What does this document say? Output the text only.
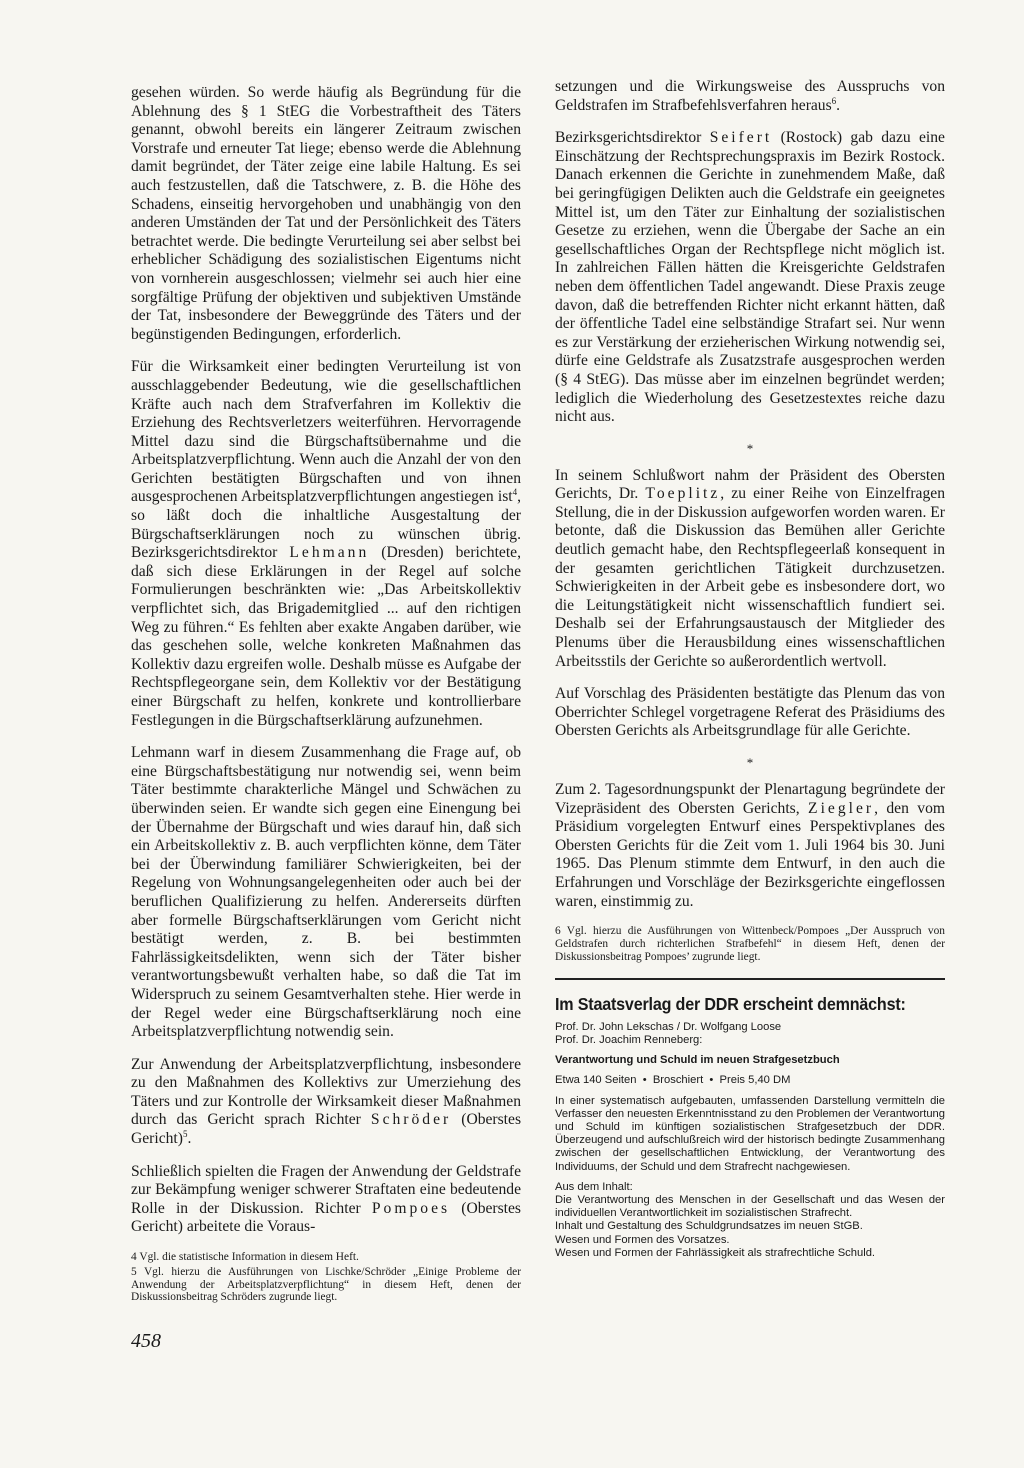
gesehen würden. So werde häufig als Begründung für die Ablehnung des § 1 StEG die Vorbestraftheit des Täters genannt, obwohl bereits ein längerer Zeitraum zwischen Vorstrafe und erneuter Tat liege; ebenso werde die Ablehnung damit begründet, der Täter zeige eine labile Haltung. Es sei auch festzustellen, daß die Tatschwere, z. B. die Höhe des Schadens, einseitig hervorgehoben und unabhängig von den anderen Umständen der Tat und der Persönlichkeit des Täters betrachtet werde. Die bedingte Verurteilung sei aber selbst bei erheblicher Schädigung des sozialistischen Eigentums nicht von vornherein ausgeschlossen; vielmehr sei auch hier eine sorgfältige Prüfung der objektiven und subjektiven Umstände der Tat, insbesondere der Beweggründe des Täters und der begünstigenden Bedingungen, erforderlich.

Für die Wirksamkeit einer bedingten Verurteilung ist von ausschlaggebender Bedeutung, wie die gesellschaftlichen Kräfte auch nach dem Strafverfahren im Kollektiv die Erziehung des Rechtsverletzers weiterführen. Hervorragende Mittel dazu sind die Bürgschaftsübernahme und die Arbeitsplatzverpflichtung. Wenn auch die Anzahl der von den Gerichten bestätigten Bürgschaften und von ihnen ausgesprochenen Arbeitsplatzverpflichtungen angestiegen ist$^4$, so läßt doch die inhaltliche Ausgestaltung der Bürgschaftserklärungen noch zu wünschen übrig. Bezirksgerichtsdirektor Lehmann (Dresden) berichtete, daß sich diese Erklärungen in der Regel auf solche Formulierungen beschränkten wie: „Das Arbeitskollektiv verpflichtet sich, das Brigademitglied ... auf den richtigen Weg zu führen.“ Es fehlten aber exakte Angaben darüber, wie das geschehen solle, welche konkreten Maßnahmen das Kollektiv dazu ergreifen wolle. Deshalb müsse es Aufgabe der Rechtspflegeorgane sein, dem Kollektiv vor der Bestätigung einer Bürgschaft zu helfen, konkrete und kontrollierbare Festlegungen in die Bürgschaftserklärung aufzunehmen.

Lehmann warf in diesem Zusammenhang die Frage auf, ob eine Bürgschaftsbestätigung nur notwendig sei, wenn beim Täter bestimmte charakterliche Mängel und Schwächen zu überwinden seien. Er wandte sich gegen eine Einengung bei der Übernahme der Bürgschaft und wies darauf hin, daß sich ein Arbeitskollektiv z. B. auch verpflichten könne, dem Täter bei der Überwindung familiärer Schwierigkeiten, bei der Regelung von Wohnungsangelegenheiten oder auch bei der beruflichen Qualifizierung zu helfen. Andererseits dürften aber formelle Bürgschaftserklärungen vom Gericht nicht bestätigt werden, z. B. bei bestimmten Fahrlässigkeitsdelikten, wenn sich der Täter bisher verantwortungsbewußt verhalten habe, so daß die Tat im Widerspruch zu seinem Gesamtverhalten stehe. Hier werde in der Regel weder eine Bürgschaftserklärung noch eine Arbeitsplatzverpflichtung notwendig sein.

Zur Anwendung der Arbeitsplatzverpflichtung, insbesondere zu den Maßnahmen des Kollektivs zur Umerziehung des Täters und zur Kontrolle der Wirksamkeit dieser Maßnahmen durch das Gericht sprach Richter Schröder (Oberstes Gericht)$^5$.

Schließlich spielten die Fragen der Anwendung der Geldstrafe zur Bekämpfung weniger schwerer Straftaten eine bedeutende Rolle in der Diskussion. Richter Pompoes (Oberstes Gericht) arbeitete die Voraus-

4 Vgl. die statistische Information in diesem Heft.

5 Vgl. hierzu die Ausführungen von Lischke/Schröder „Einige Probleme der Anwendung der Arbeitsplatzverpflichtung“ in diesem Heft, denen der Diskussionsbeitrag Schröders zugrunde liegt.

458

setzungen und die Wirkungsweise des Ausspruchs von Geldstrafen im Strafbefehlsverfahren heraus$^6$.

Bezirksgerichtsdirektor Seifert (Rostock) gab dazu eine Einschätzung der Rechtsprechungspraxis im Bezirk Rostock. Danach erkennen die Gerichte in zunehmendem Maße, daß bei geringfügigen Delikten auch die Geldstrafe ein geeignetes Mittel ist, um den Täter zur Einhaltung der sozialistischen Gesetze zu erziehen, wenn die Übergabe der Sache an ein gesellschaftliches Organ der Rechtspflege nicht möglich ist. In zahlreichen Fällen hätten die Kreisgerichte Geldstrafen neben dem öffentlichen Tadel angewandt. Diese Praxis zeuge davon, daß die betreffenden Richter nicht erkannt hätten, daß der öffentliche Tadel eine selbständige Strafart sei. Nur wenn es zur Verstärkung der erzieherischen Wirkung notwendig sei, dürfe eine Geldstrafe als Zusatzstrafe ausgesprochen werden (§ 4 StEG). Das müsse aber im einzelnen begründet werden; lediglich die Wiederholung des Gesetzestextes reiche dazu nicht aus.

*

In seinem Schlußwort nahm der Präsident des Obersten Gerichts, Dr. Toeplitz, zu einer Reihe von Einzelfragen Stellung, die in der Diskussion aufgeworfen worden waren. Er betonte, daß die Diskussion das Bemühen aller Gerichte deutlich gemacht habe, den Rechtspflegeerlaß konsequent in der gesamten gerichtlichen Tätigkeit durchzusetzen. Schwierigkeiten in der Arbeit gebe es insbesondere dort, wo die Leitungstätigkeit nicht wissenschaftlich fundiert sei. Deshalb sei der Erfahrungsaustausch der Mitglieder des Plenums über die Herausbildung eines wissenschaftlichen Arbeitsstils der Gerichte so außerordentlich wertvoll.

Auf Vorschlag des Präsidenten bestätigte das Plenum das von Oberrichter Schlegel vorgetragene Referat des Präsidiums des Obersten Gerichts als Arbeitsgrundlage für alle Gerichte.

*

Zum 2. Tagesordnungspunkt der Plenartagung begründete der Vizepräsident des Obersten Gerichts, Ziegler, den vom Präsidium vorgelegten Entwurf eines Perspektivplanes des Obersten Gerichts für die Zeit vom 1. Juli 1964 bis 30. Juni 1965. Das Plenum stimmte dem Entwurf, in den auch die Erfahrungen und Vorschläge der Bezirksgerichte eingeflossen waren, einstimmig zu.

6 Vgl. hierzu die Ausführungen von Wittenbeck/Pompoes „Der Ausspruch von Geldstrafen durch richterlichen Strafbefehl“ in diesem Heft, denen der Diskussionsbeitrag Pompoes’ zugrunde liegt.

Im Staatsverlag der DDR erscheint demnächst:

Prof. Dr. John Lekschas / Dr. Wolfgang Loose

Prof. Dr. Joachim Renneberg:

Verantwortung und Schuld im neuen Strafgesetzbuch

Etwa 140 Seiten  •  Broschiert  •  Preis 5,40 DM

In einer systematisch aufgebauten, umfassenden Darstellung vermitteln die Verfasser den neuesten Erkenntnisstand zu den Problemen der Verantwortung und Schuld im künftigen sozialistischen Strafgesetzbuch der DDR. Überzeugend und aufschlußreich wird der historisch bedingte Zusammenhang zwischen der gesellschaftlichen Entwicklung, der Verantwortung des Individuums, der Schuld und dem Strafrecht nachgewiesen.

Aus dem Inhalt:

Die Verantwortung des Menschen in der Gesellschaft und das Wesen der individuellen Verantwortlichkeit im sozialistischen Strafrecht.

Inhalt und Gestaltung des Schuldgrundsatzes im neuen StGB.

Wesen und Formen des Vorsatzes.

Wesen und Formen der Fahrlässigkeit als strafrechtliche Schuld.
